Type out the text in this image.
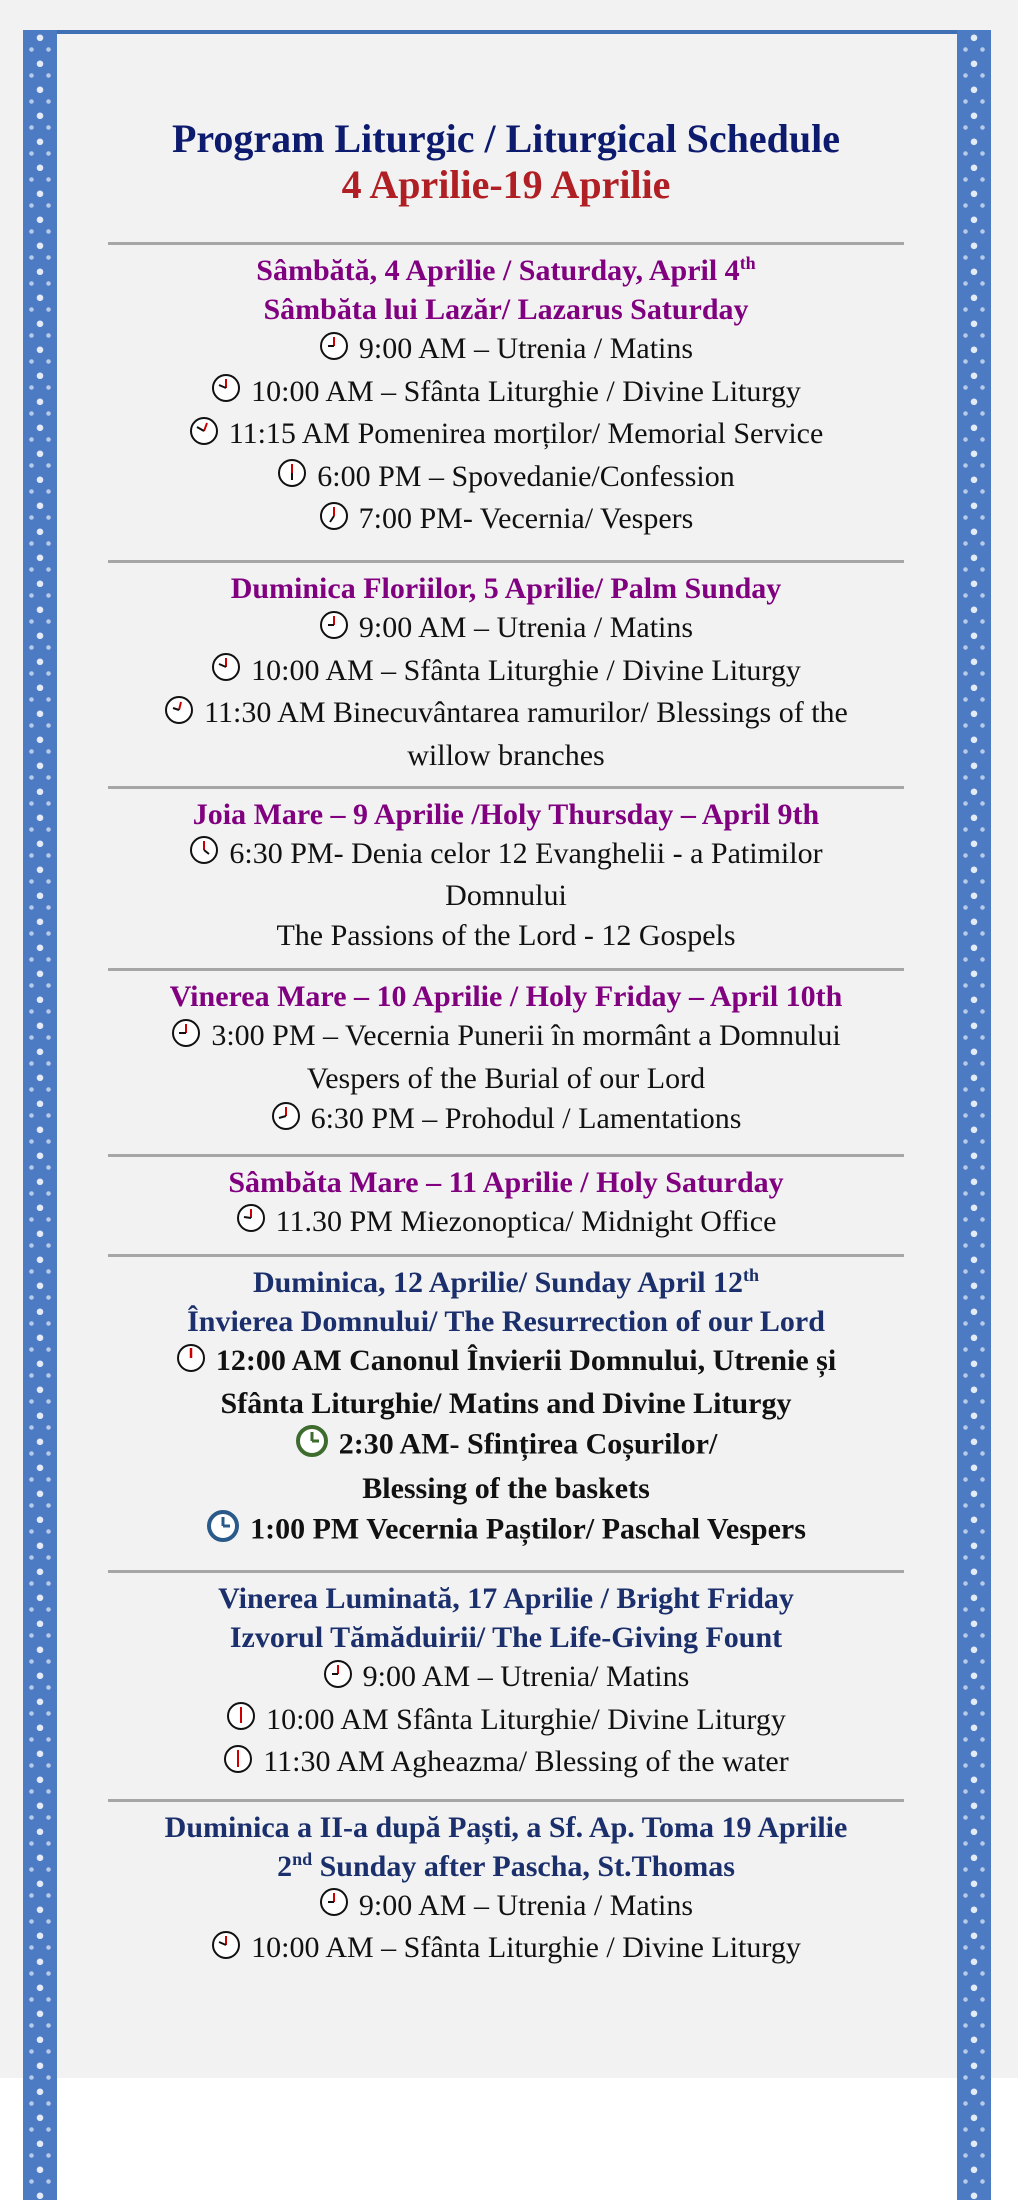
Program Liturgic / Liturgical Schedule
4 Aprilie-19 Aprilie
Sâmbătă, 4 Aprilie / Saturday, April 4th
Sâmbăta lui Lazăr/ Lazarus Saturday
9:00 AM – Utrenia / Matins
10:00 AM – Sfânta Liturghie / Divine Liturgy
11:15 AM Pomenirea morților/ Memorial Service
6:00 PM – Spovedanie/Confession
7:00 PM- Vecernia/ Vespers
Duminica Floriilor, 5 Aprilie/ Palm Sunday
9:00 AM – Utrenia / Matins
10:00 AM – Sfânta Liturghie / Divine Liturgy
11:30 AM Binecuvântarea ramurilor/ Blessings of the
willow branches
Joia Mare – 9 Aprilie /Holy Thursday – April 9th
6:30 PM- Denia celor 12 Evanghelii - a Patimilor
Domnului
The Passions of the Lord - 12 Gospels
Vinerea Mare – 10 Aprilie / Holy Friday – April 10th
3:00 PM – Vecernia Punerii în mormânt a Domnului
Vespers of the Burial of our Lord
6:30 PM – Prohodul / Lamentations
Sâmbăta Mare – 11 Aprilie / Holy Saturday
11.30 PM Miezonoptica/ Midnight Office
Duminica, 12 Aprilie/ Sunday April 12th
Învierea Domnului/ The Resurrection of our Lord
12:00 AM Canonul Învierii Domnului, Utrenie și
Sfânta Liturghie/ Matins and Divine Liturgy
2:30 AM- Sfințirea Coșurilor/
Blessing of the baskets
1:00 PM Vecernia Paștilor/ Paschal Vespers
Vinerea Luminată, 17 Aprilie / Bright Friday
Izvorul Tămăduirii/ The Life-Giving Fount
9:00 AM – Utrenia/ Matins
10:00 AM Sfânta Liturghie/ Divine Liturgy
11:30 AM Agheazma/ Blessing of the water
Duminica a II-a după Paști, a Sf. Ap. Toma 19 Aprilie
2nd Sunday after Pascha, St.Thomas
9:00 AM – Utrenia / Matins
10:00 AM – Sfânta Liturghie / Divine Liturgy
